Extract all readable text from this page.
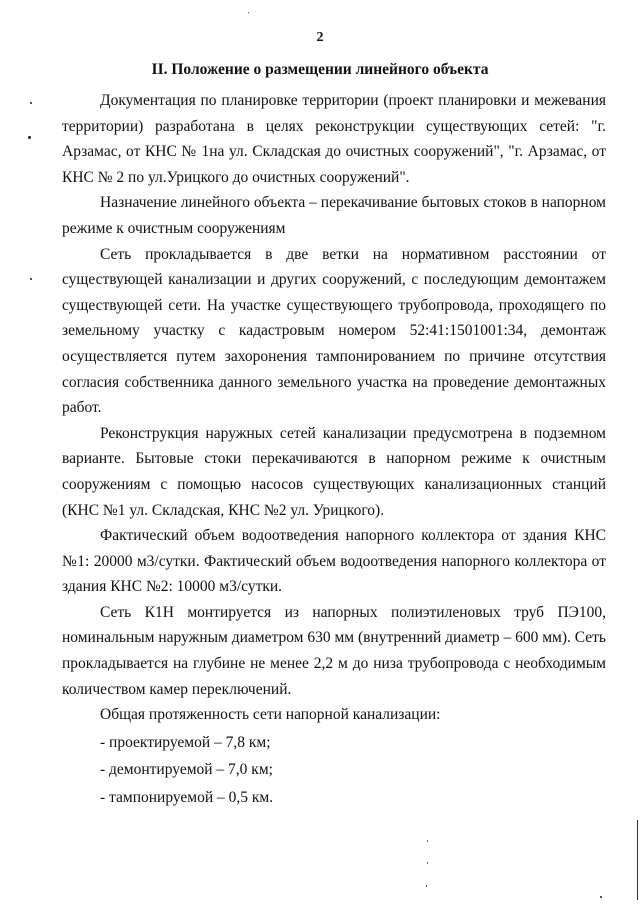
2
II. Положение о размещении линейного объекта

Документация по планировке территории (проект планировки и межевания территории) разработана в целях реконструкции существующих сетей: "г. Арзамас, от КНС № 1на ул. Складская до очистных сооружений", "г. Арзамас, от КНС № 2 по ул.Урицкого до очистных сооружений".

Назначение линейного объекта – перекачивание бытовых стоков в напорном режиме к очистным сооружениям

Сеть прокладывается в две ветки на нормативном расстоянии от существующей канализации и других сооружений, с последующим демонтажем существующей сети. На участке существующего трубопровода, проходящего по земельному участку с кадастровым номером 52:41:1501001:34, демонтаж осуществляется путем захоронения тампонированием по причине отсутствия согласия собственника данного земельного участка на проведение демонтажных работ.

Реконструкция наружных сетей канализации предусмотрена в подземном варианте. Бытовые стоки перекачиваются в напорном режиме к очистным сооружениям с помощью насосов существующих канализационных станций (КНС №1 ул. Складская, КНС №2 ул. Урицкого).

Фактический объем водоотведения напорного коллектора от здания КНС №1: 20000 м3/сутки. Фактический объем водоотведения напорного коллектора от здания КНС №2: 10000 м3/сутки.

Сеть К1Н монтируется из напорных полиэтиленовых труб ПЭ100, номинальным наружным диаметром 630 мм (внутренний диаметр – 600 мм). Сеть прокладывается на глубине не менее 2,2 м до низа трубопровода с необходимым количеством камер переключений.

Общая протяженность сети напорной канализации:

- проектируемой – 7,8 км;

- демонтируемой – 7,0 км;

- тампонируемой – 0,5 км.
